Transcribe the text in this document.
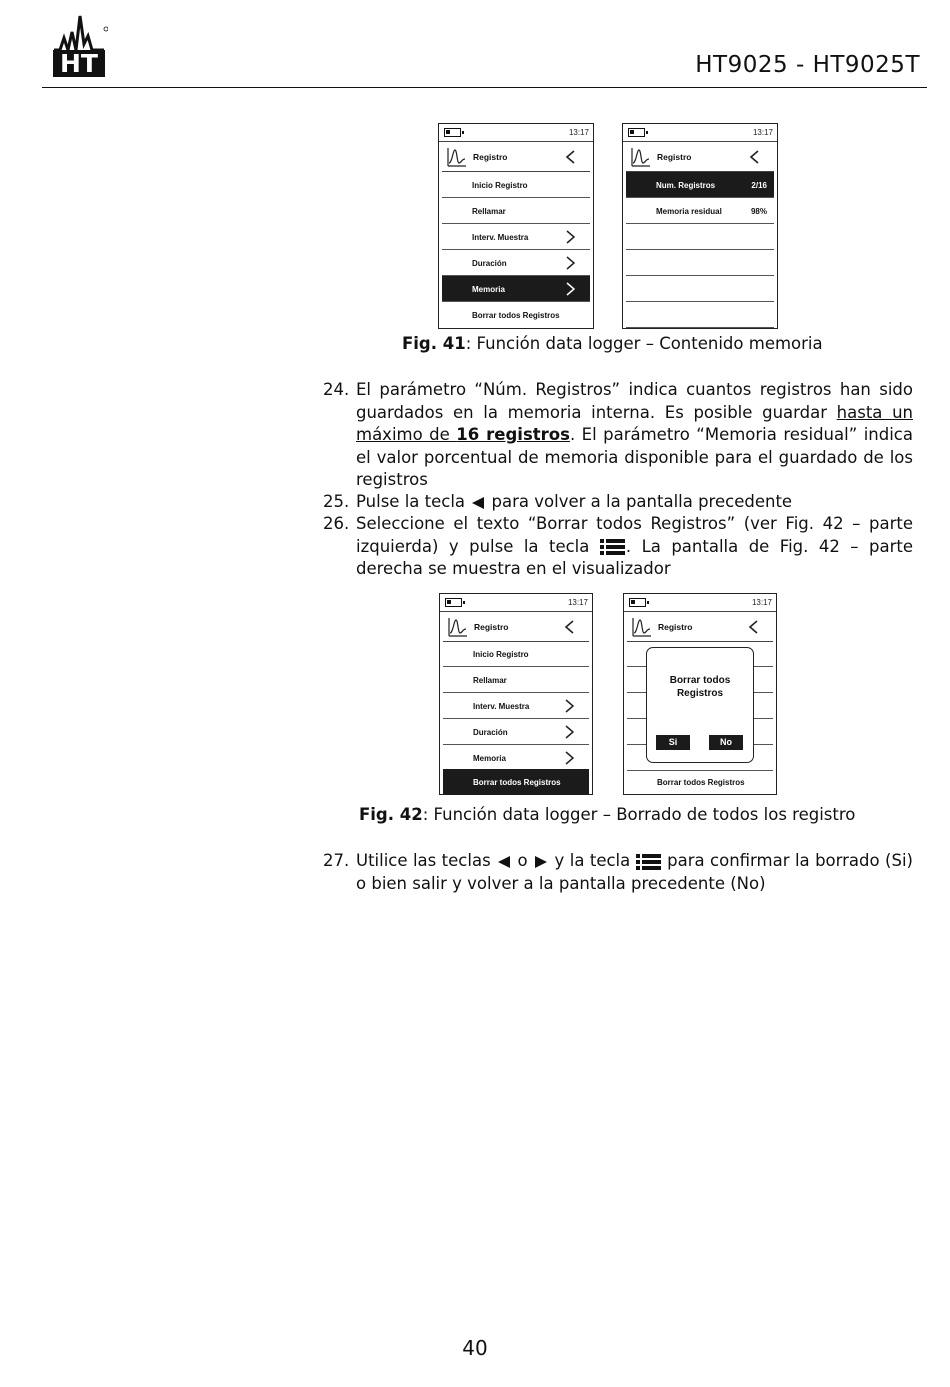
HT	HT9025 - HT9025T
13:17
Registro
Inicio Registro
Rellamar
Interv. Muestra
Duración
Memoria
Borrar todos Registros
13:17
Registro
Num. Registros	2/16
Memoria residual	98%
Fig. 41: Función data logger – Contenido memoria
24. El parámetro “Núm. Registros” indica cuantos registros han sido guardados en la memoria interna. Es posible guardar hasta un máximo de 16 registros. El parámetro “Memoria residual” indica el valor porcentual de memoria disponible para el guardado de los registros
25. Pulse la tecla para volver a la pantalla precedente
26. Seleccione el texto “Borrar todos Registros” (ver Fig. 42 – parte izquierda) y pulse la tecla . La pantalla de Fig. 42 – parte derecha se muestra en el visualizador
13:17
Registro
Inicio Registro
Rellamar
Interv. Muestra
Duración
Memoria
Borrar todos Registros
13:17
Registro
Borrar todos Registros
Borrar todos
Registros
Si	No
Fig. 42: Función data logger – Borrado de todos los registro
27. Utilice las teclas o y la tecla para confirmar la borrado (Si) o bien salir y volver a la pantalla precedente (No)
40
